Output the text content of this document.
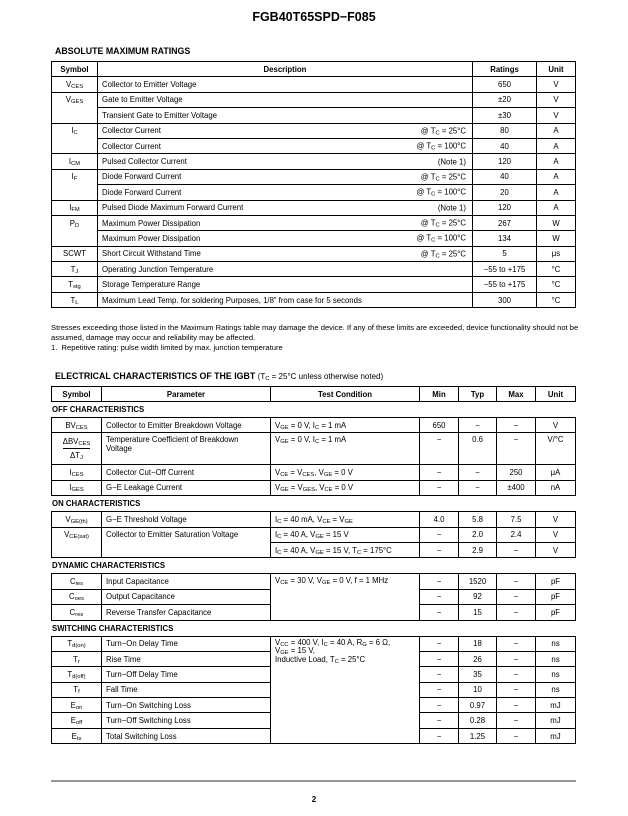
FGB40T65SPD−F085
ABSOLUTE MAXIMUM RATINGS
Symbol	Description	Ratings	Unit
$V_{CES}$	Collector to Emitter Voltage	650	V
$V_{GES}$	Gate to Emitter Voltage	±20	V
	Transient Gate to Emitter Voltage	±30	V
$I_C$	Collector Current @ $T_C = 25^\circ C$	80	A
	Collector Current @ $T_C = 100^\circ C$	40	A
$I_{CM}$	Pulsed Collector Current (Note 1)	120	A
$I_F$	Diode Forward Current @ $T_C = 25^\circ C$	40	A
	Diode Forward Current @ $T_C = 100^\circ C$	20	A
$I_{FM}$	Pulsed Diode Maximum Forward Current (Note 1)	120	A
$P_D$	Maximum Power Dissipation @ $T_C = 25^\circ C$	267	W
	Maximum Power Dissipation @ $T_C = 100^\circ C$	134	W
SCWT	Short Circuit Withstand Time @ $T_C = 25^\circ C$	5	μs
$T_J$	Operating Junction Temperature	−55 to +175	°C
$T_{stg}$	Storage Temperature Range	−55 to +175	°C
$T_L$	Maximum Lead Temp. for soldering Purposes, 1/8” from case for 5 seconds	300	°C
Stresses exceeding those listed in the Maximum Ratings table may damage the device. If any of these limits are exceeded, device functionality should not be assumed, damage may occur and reliability may be affected.
1.  Repetitive rating: pulse width limited by max. junction temperature
ELECTRICAL CHARACTERISTICS OF THE IGBT ($T_C = 25^\circ C$ unless otherwise noted)
Symbol	Parameter	Test Condition	Min	Typ	Max	Unit
OFF CHARACTERISTICS						
$BV_{CES}$	Collector to Emitter Breakdown Voltage	$V_{GE} = 0$ V, $I_C = 1$ mA	650	−	−	V

$\frac{\Delta BV_{CES}}{\Delta T_J}$	Temperature Coefficient of Breakdown Voltage	$V_{GE} = 0$ V, $I_C = 1$ mA	−	0.6	−	V/°C
$I_{CES}$	Collector Cut−Off Current	$V_{CE} = V_{CES}$, $V_{GE} = 0$ V	−	−	250	μA
$I_{GES}$	G−E Leakage Current	$V_{GE} = V_{GES}$, $V_{CE} = 0$ V	−	−	±400	nA
ON CHARACTERISTICS						
$V_{GE(th)}$	G−E Threshold Voltage	$I_C = 40$ mA, $V_{CE} = V_{GE}$	4.0	5.8	7.5	V
$V_{CE(sat)}$	Collector to Emitter Saturation Voltage	$I_C = 40$ A, $V_{GE} = 15$ V	−	2.0	2.4	V
		$I_C = 40$ A, $V_{GE} = 15$ V, $T_C = 175^\circ C$	−	2.9	−	V
DYNAMIC CHARACTERISTICS						
$C_{ies}$	Input Capacitance	$V_{CE} = 30$ V, $V_{GE} = 0$ V, f = 1 MHz	−	1520	−	pF
$C_{oes}$	Output Capacitance		−	92	−	pF
$C_{res}$	Reverse Transfer Capacitance		−	15	−	pF
SWITCHING CHARACTERISTICS						
$T_{d(on)}$	Turn−On Delay Time	$V_{CC} = 400$ V, $I_C = 40$ A, $R_G = 6$ Ω,
$V_{GE} = 15$ V,
Inductive Load, $T_C = 25^\circ C$	−	18	−	ns
$T_r$	Rise Time		−	26	−	ns
$T_{d(off)}$	Turn−Off Delay Time		−	35	−	ns
$T_f$	Fall Time		−	10	−	ns
$E_{on}$	Turn−On Switching Loss		−	0.97	−	mJ
$E_{off}$	Turn−Off Switching Loss		−	0.28	−	mJ
$E_{ts}$	Total Switching Loss		−	1.25	−	mJ
2
